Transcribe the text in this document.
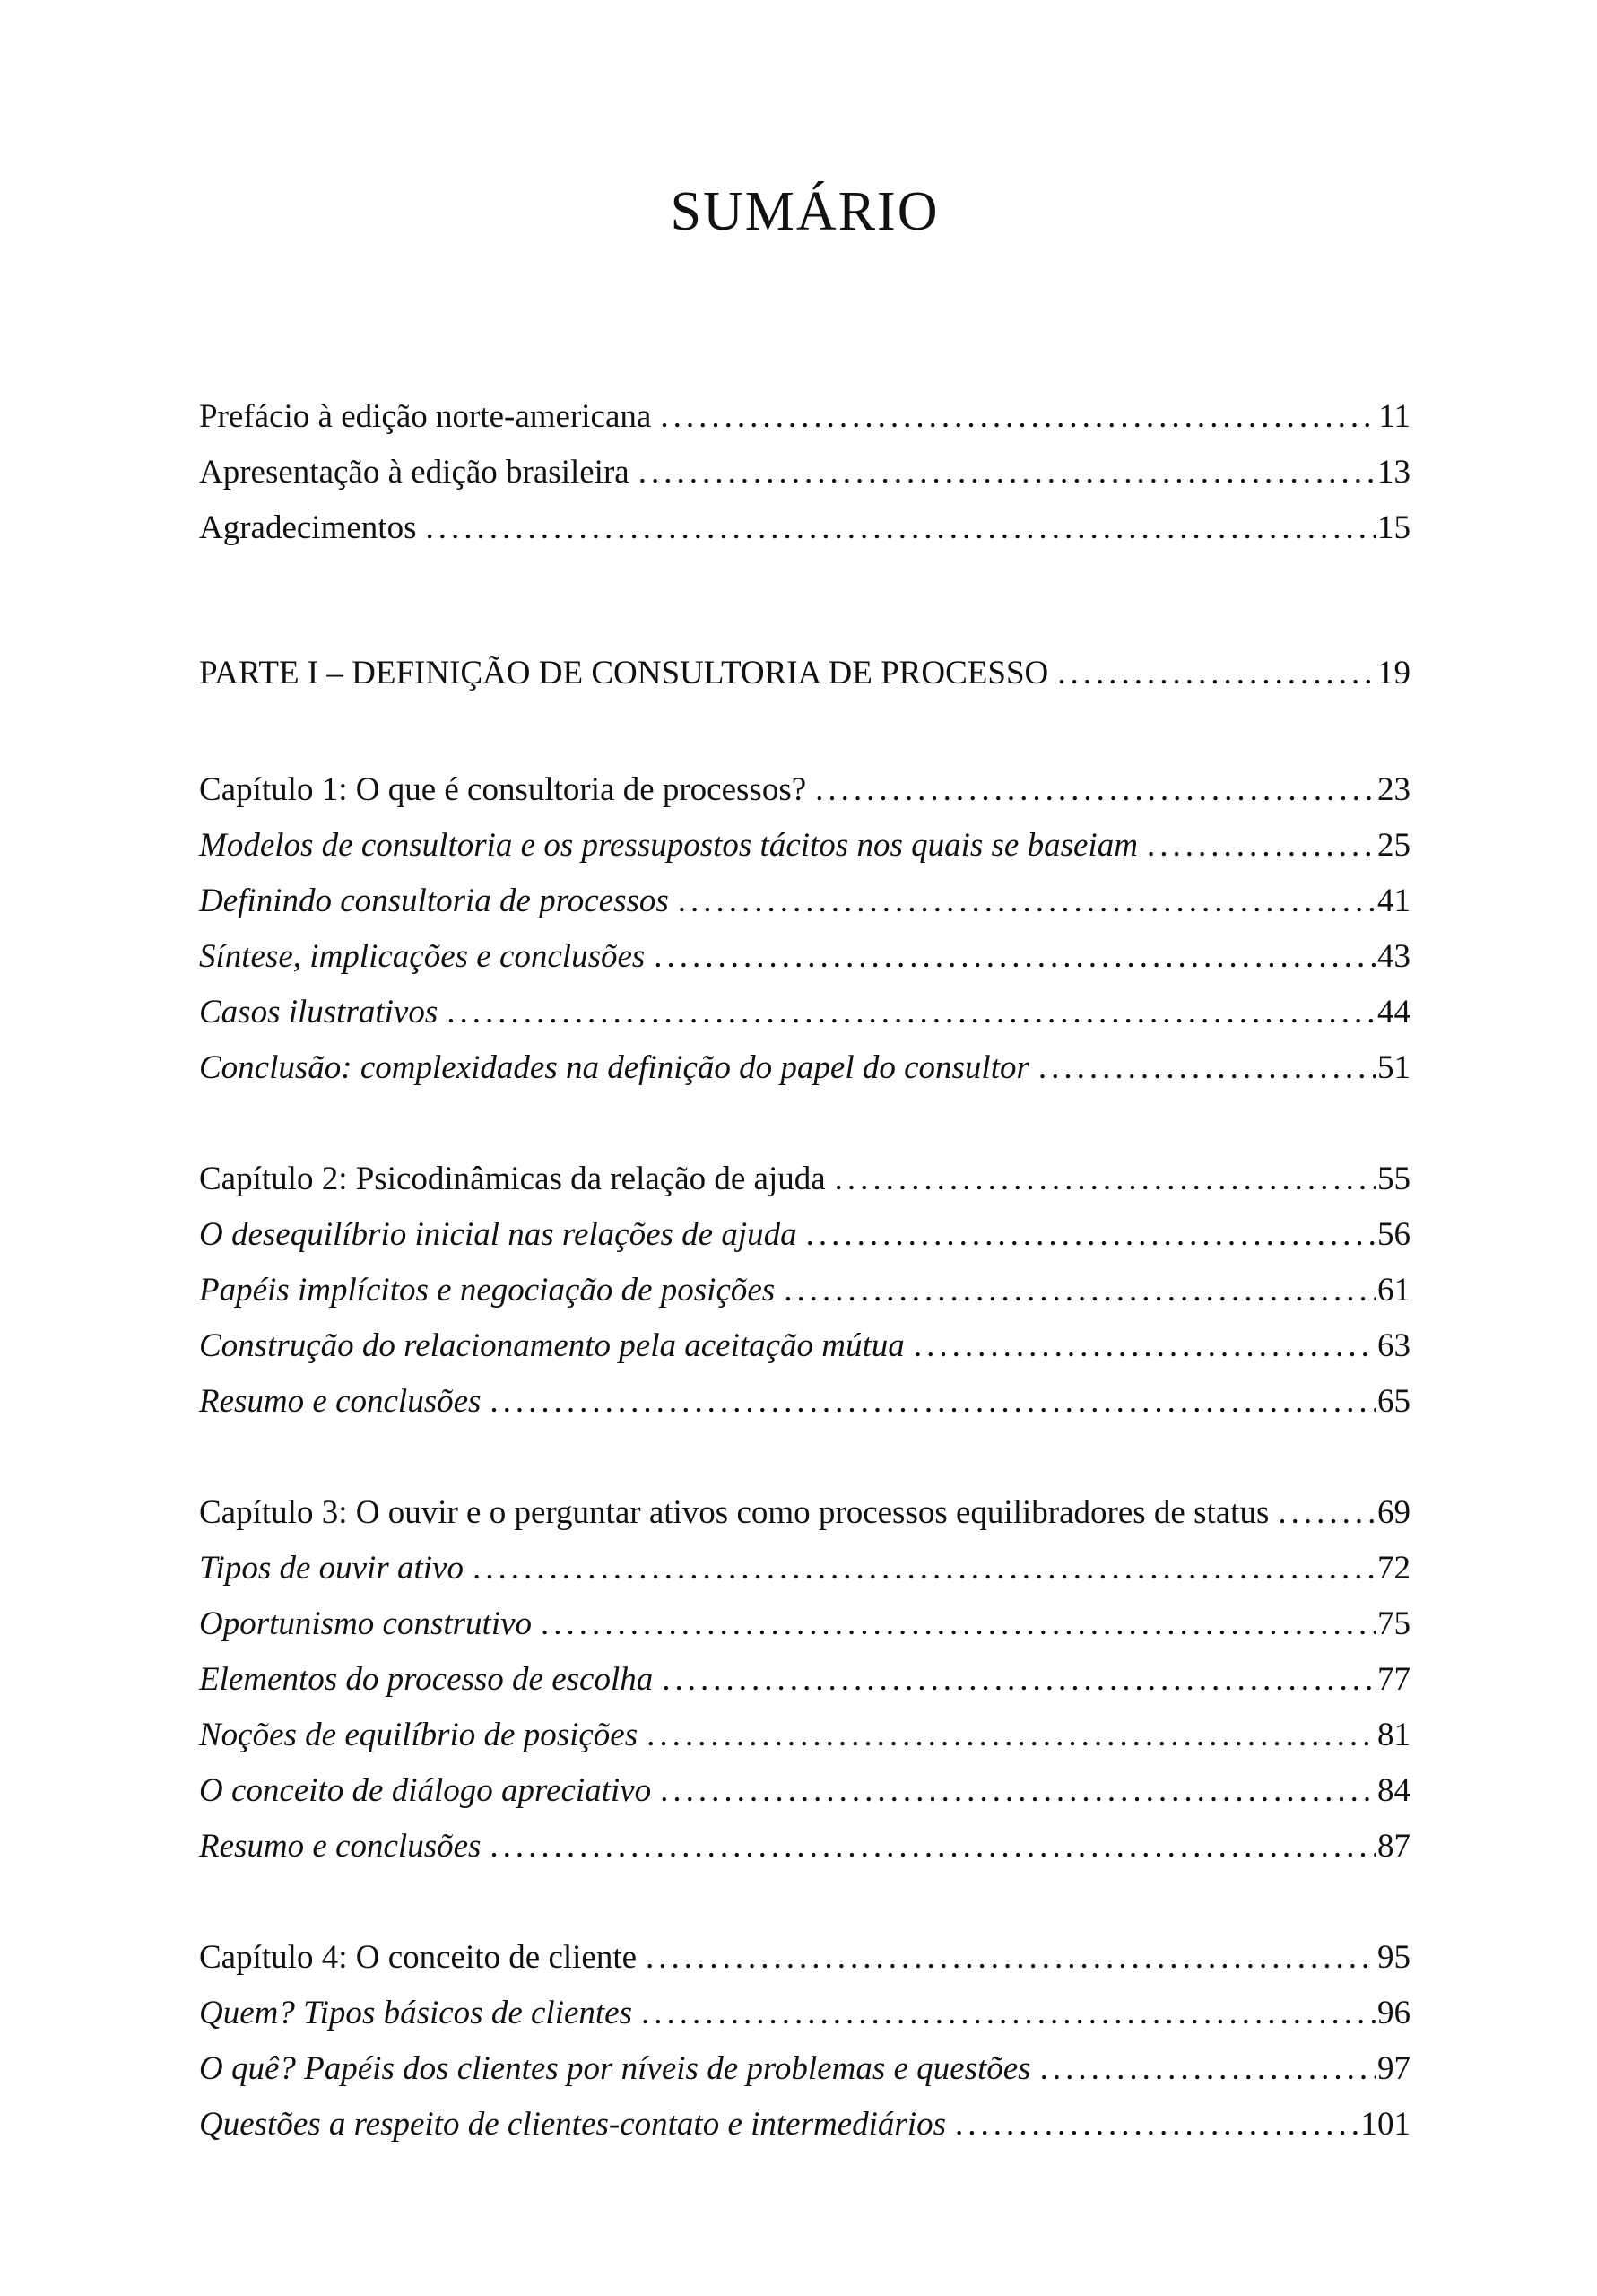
SUMÁRIO
Prefácio à edição norte-americana .....	11
Apresentação à edição brasileira .....	13
Agradecimentos .....	15
PARTE I – DEFINIÇÃO DE CONSULTORIA DE PROCESSO .....	19
Capítulo 1: O que é consultoria de processos? .....	23
Modelos de consultoria e os pressupostos tácitos nos quais se baseiam .....	25
Definindo consultoria de processos .....	41
Síntese, implicações e conclusões .....	43
Casos ilustrativos .....	44
Conclusão: complexidades na definição do papel do consultor .....	51
Capítulo 2: Psicodinâmicas da relação de ajuda .....	55
O desequilíbrio inicial nas relações de ajuda .....	56
Papéis implícitos e negociação de posições .....	61
Construção do relacionamento pela aceitação mútua .....	63
Resumo e conclusões .....	65
Capítulo 3: O ouvir e o perguntar ativos como processos equilibradores de status .....	69
Tipos de ouvir ativo .....	72
Oportunismo construtivo .....	75
Elementos do processo de escolha .....	77
Noções de equilíbrio de posições .....	81
O conceito de diálogo apreciativo .....	84
Resumo e conclusões .....	87
Capítulo 4: O conceito de cliente .....	95
Quem? Tipos básicos de clientes .....	96
O quê? Papéis dos clientes por níveis de problemas e questões .....	97
Questões a respeito de clientes-contato e intermediários .....	101
